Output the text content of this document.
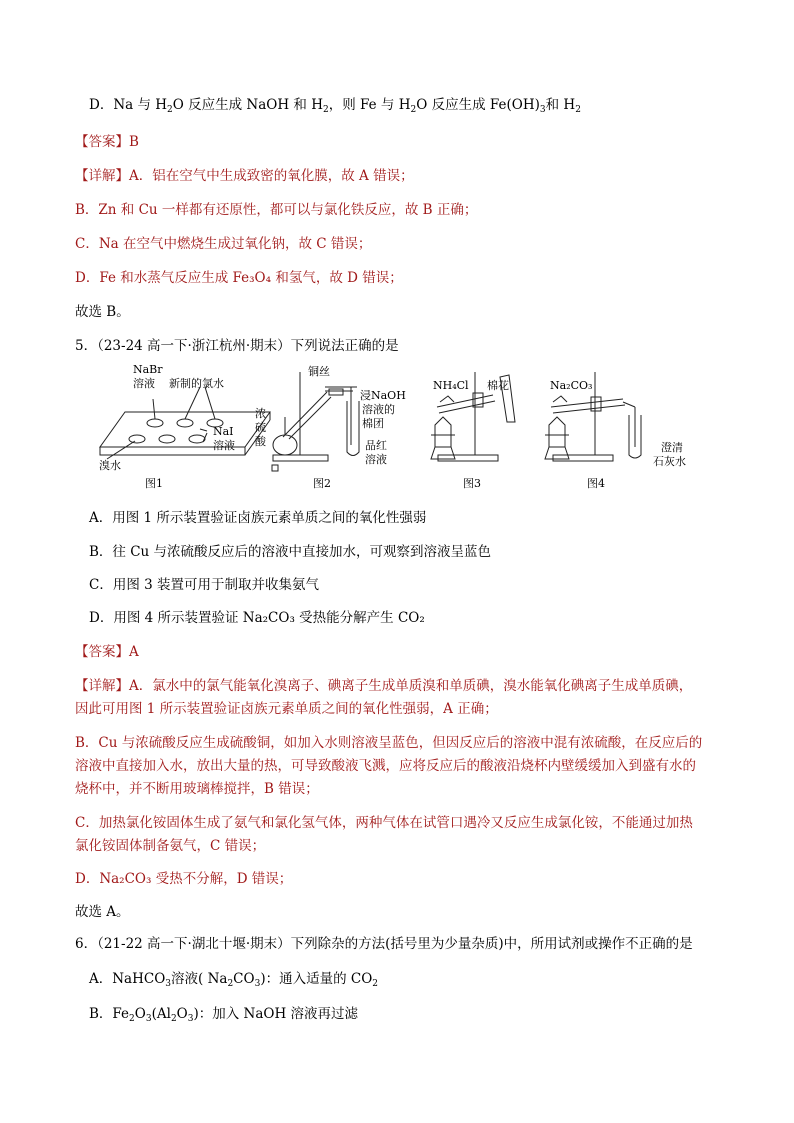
D．Na 与 $H_2O$ 反应生成 NaOH 和 $H_2$，则 Fe 与 $H_2O$ 反应生成 $Fe(OH)_3$和 $H_2$
【答案】B
【详解】A．铝在空气中生成致密的氧化膜，故 A 错误；
B．Zn 和 Cu 一样都有还原性，都可以与氯化铁反应，故 B 正确；
C．Na 在空气中燃烧生成过氧化钠，故 C 错误；
D．Fe 和水蒸气反应生成 Fe₃O₄ 和氢气，故 D 错误；
故选 B。
5．（23-24 高一下·浙江杭州·期末）下列说法正确的是
NaBr
溶液 新制的氯水
NaI
溶液
溴水
图1
铜丝
浸NaOH
溶液的
棉团
浓
硫
酸	品红
溶液
图2
NH₄Cl 棉花
图3
Na₂CO₃
澄清
石灰水
图4
A．用图 1 所示装置验证卤族元素单质之间的氧化性强弱
B．往 Cu 与浓硫酸反应后的溶液中直接加水，可观察到溶液呈蓝色
C．用图 3 装置可用于制取并收集氨气
D．用图 4 所示装置验证 Na₂CO₃ 受热能分解产生 CO₂
【答案】A
【详解】A．氯水中的氯气能氧化溴离子、碘离子生成单质溴和单质碘，溴水能氧化碘离子生成单质碘，
因此可用图 1 所示装置验证卤族元素单质之间的氧化性强弱，A 正确；
B．Cu 与浓硫酸反应生成硫酸铜，如加入水则溶液呈蓝色，但因反应后的溶液中混有浓硫酸，在反应后的
溶液中直接加入水，放出大量的热，可导致酸液飞溅，应将反应后的酸液沿烧杯内壁缓缓加入到盛有水的
烧杯中，并不断用玻璃棒搅拌，B 错误；
C．加热氯化铵固体生成了氨气和氯化氢气体，两种气体在试管口遇冷又反应生成氯化铵，不能通过加热
氯化铵固体制备氨气，C 错误；
D．Na₂CO₃ 受热不分解，D 错误；
故选 A。
6．（21-22 高一下·湖北十堰·期末）下列除杂的方法(括号里为少量杂质)中，所用试剂或操作不正确的是
A．NaHCO$_3$溶液( $Na_2CO_3$)：通入适量的 $CO_2$
B．$Fe_2O_3(Al_2O_3)$：加入 NaOH 溶液再过滤
